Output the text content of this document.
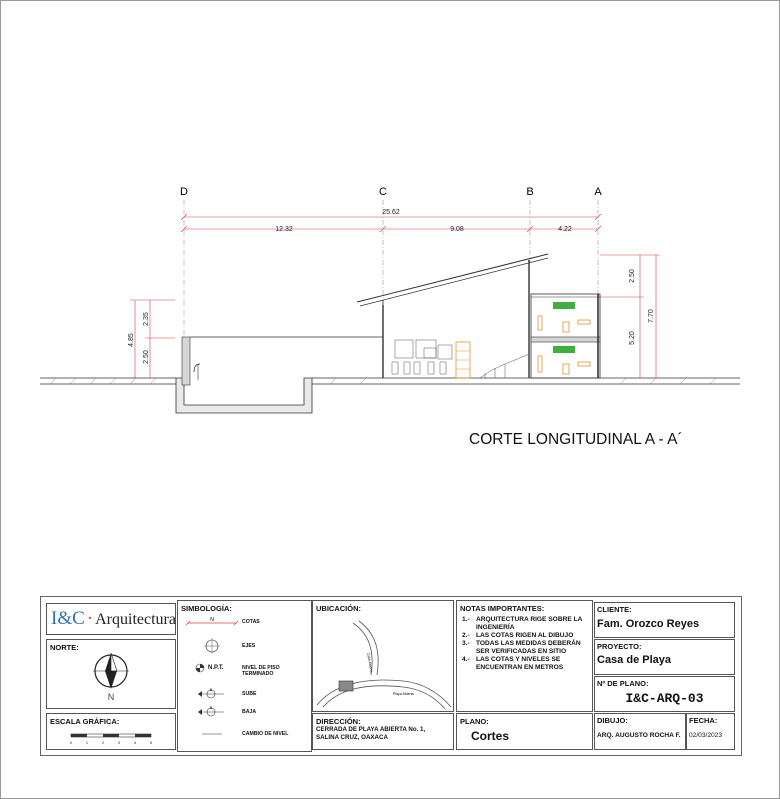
D	C	B	A
25.62
12.32	9.08	4.22
4.85
2.35
2.50
2.50
5.20
7.70
CORTE LONGITUDINAL A - A´
I&C · Arquitectura
NORTE:
N
ESCALA GRÁFICA:
0	1	2	3	4	5
SIMBOLOGÍA:
N
B
B
COTAS
EJES
N.P.T.	NIVEL DE PISO TERMINADO
SUBE
BAJA
CAMBIO DE NIVEL
UBICACIÓN:
Calle Abierta
Playa Abierta
DIRECCIÓN:
CERRADA DE PLAYA ABIERTA No. 1,
SALINA CRUZ, OAXACA
NOTAS IMPORTANTES:
1.- ARQUITECTURA RIGE SOBRE LA INGENIERÍA
2.- LAS COTAS RIGEN AL DIBUJO
3.- TODAS LAS MEDIDAS DEBERÁN SER VERIFICADAS EN SITIO
4.- LAS COTAS Y NIVELES SE ENCUENTRAN EN METROS
PLANO:
Cortes
CLIENTE:
Fam. Orozco Reyes
PROYECTO:
Casa de Playa
Nº DE PLANO:
I&C-ARQ-03
DIBUJO:
ARQ. AUGUSTO ROCHA F.
FECHA:
02/03/2023
